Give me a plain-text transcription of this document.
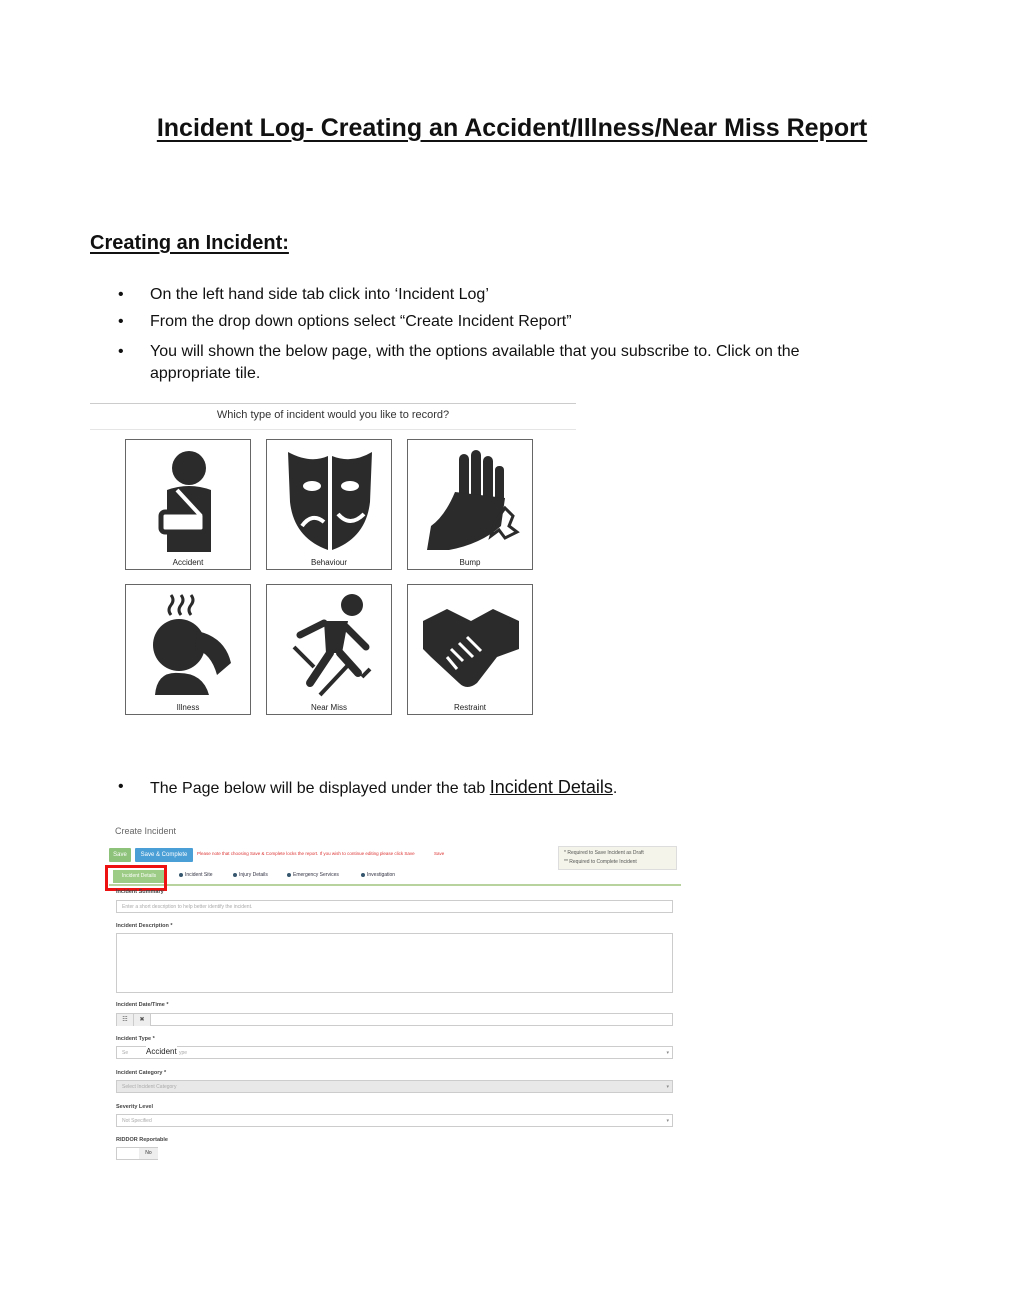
Incident Log- Creating an Accident/Illness/Near Miss Report
Creating an Incident:
• On the left hand side tab click into ‘Incident Log’
• From the drop down options select “Create Incident Report”
• You will shown the below page, with the options available that you subscribe to. Click on the appropriate tile.
Which type of incident would you like to record?
Accident	Behaviour	Bump
Illness	Near Miss	Restraint
• The Page below will be displayed under the tab Incident Details.
Create Incident
Save	Save & Complete	Please note that choosing Save & Complete locks the report. If you wish to continue editing please click Save	Save	* Required to Save Incident as Draft
** Required to Complete Incident
Incident Details	Incident Site	Injury Details	Emergency Services	Investigation
Incident Summary
Enter a short description to help better identify the incident.
Incident Description *
Incident Date/Time *
☷	✖
Incident Type *
Se	ype
Accident	▾
Incident Category *
Select Incident Category	▾
Severity Level
Not Specified	▾
RIDDOR Reportable
No
